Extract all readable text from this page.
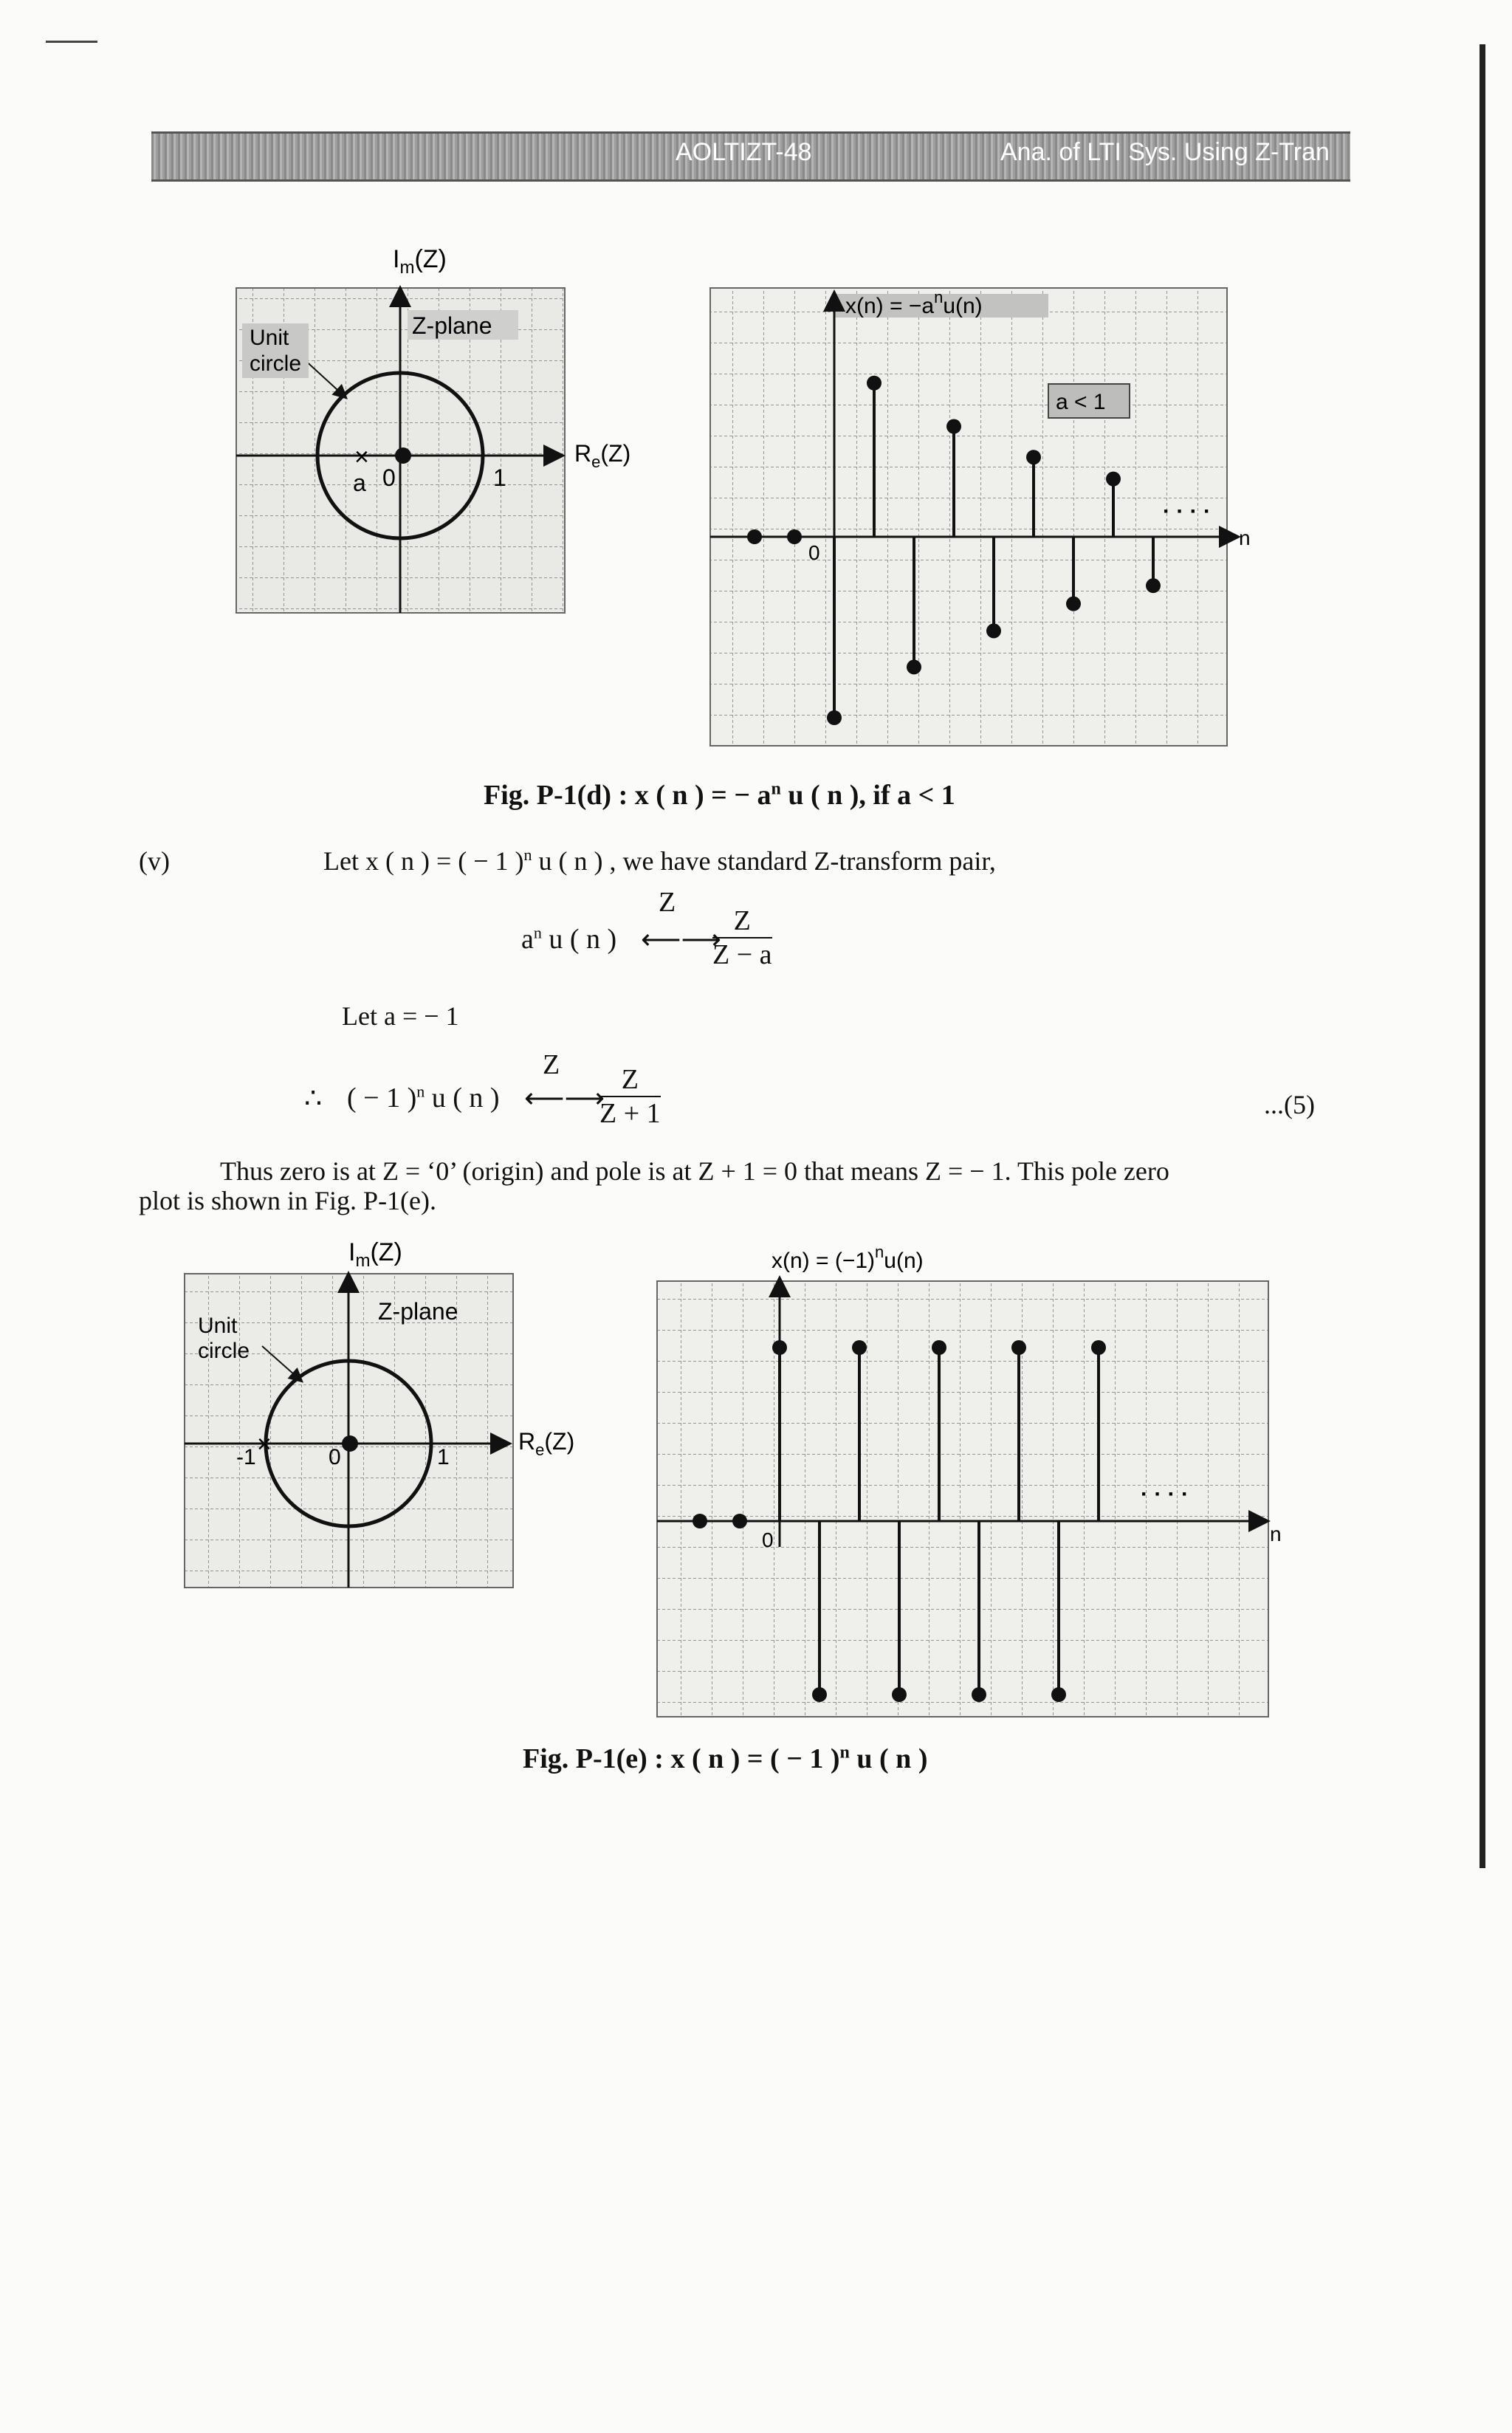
AOLTIZT-48	Ana. of LTI Sys. Using Z-Tran
×
Unit
circle
Z-plane
a 0	1
$I_m(Z)$
$R_e(Z)$
$x(n) = -a^nu(n)$
a < 1
0
n
· · · ·
Fig. P-1(d) : x ( n ) = − $a^n$ u ( n ), if a < 1
(v)	Let x ( n ) = ( − 1 )$^n$ u ( n ) , we have standard Z-transform pair,
$a^n$ u ( n )
Z
⟵⟶
$\frac{Z}{Z - a}$
Let a = − 1
∴ ( − 1 )$^n$ u ( n )
Z
⟵⟶
$\frac{Z}{Z + 1}$	...(5)
Thus zero is at Z = ‘0’ (origin) and pole is at Z + 1 = 0 that means Z = − 1. This pole zero
plot is shown in Fig. P-1(e).
×
Unit
circle
Z-plane
-1	0	1
$I_m(Z)$
$R_e(Z)$
$x(n) = (-1)^nu(n)$
0	n
· · · ·
Fig. P-1(e) : x ( n ) = ( − 1 )$^n$ u ( n )
